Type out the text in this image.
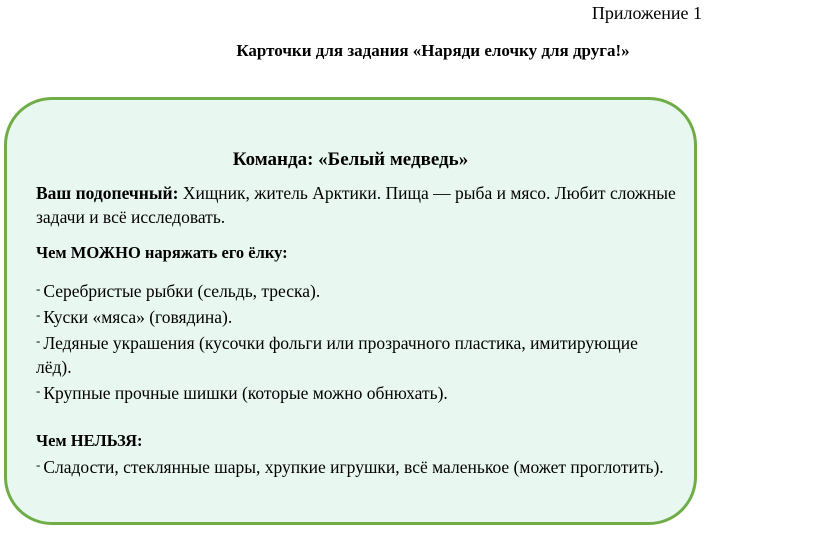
Приложение 1
Карточки для задания «Наряди елочку для друга!»
Команда: «Белый медведь»

Ваш подопечный: Хищник, житель Арктики. Пища — рыба и мясо. Любит сложные задачи и всё исследовать.

Чем МОЖНО наряжать его ёлку:

- Серебристые рыбки (сельдь, треска).

- Куски «мяса» (говядина).

- Ледяные украшения (кусочки фольги или прозрачного пластика, имитирующие лёд).

- Крупные прочные шишки (которые можно обнюхать).

Чем НЕЛЬЗЯ:

- Сладости, стеклянные шары, хрупкие игрушки, всё маленькое (может проглотить).
